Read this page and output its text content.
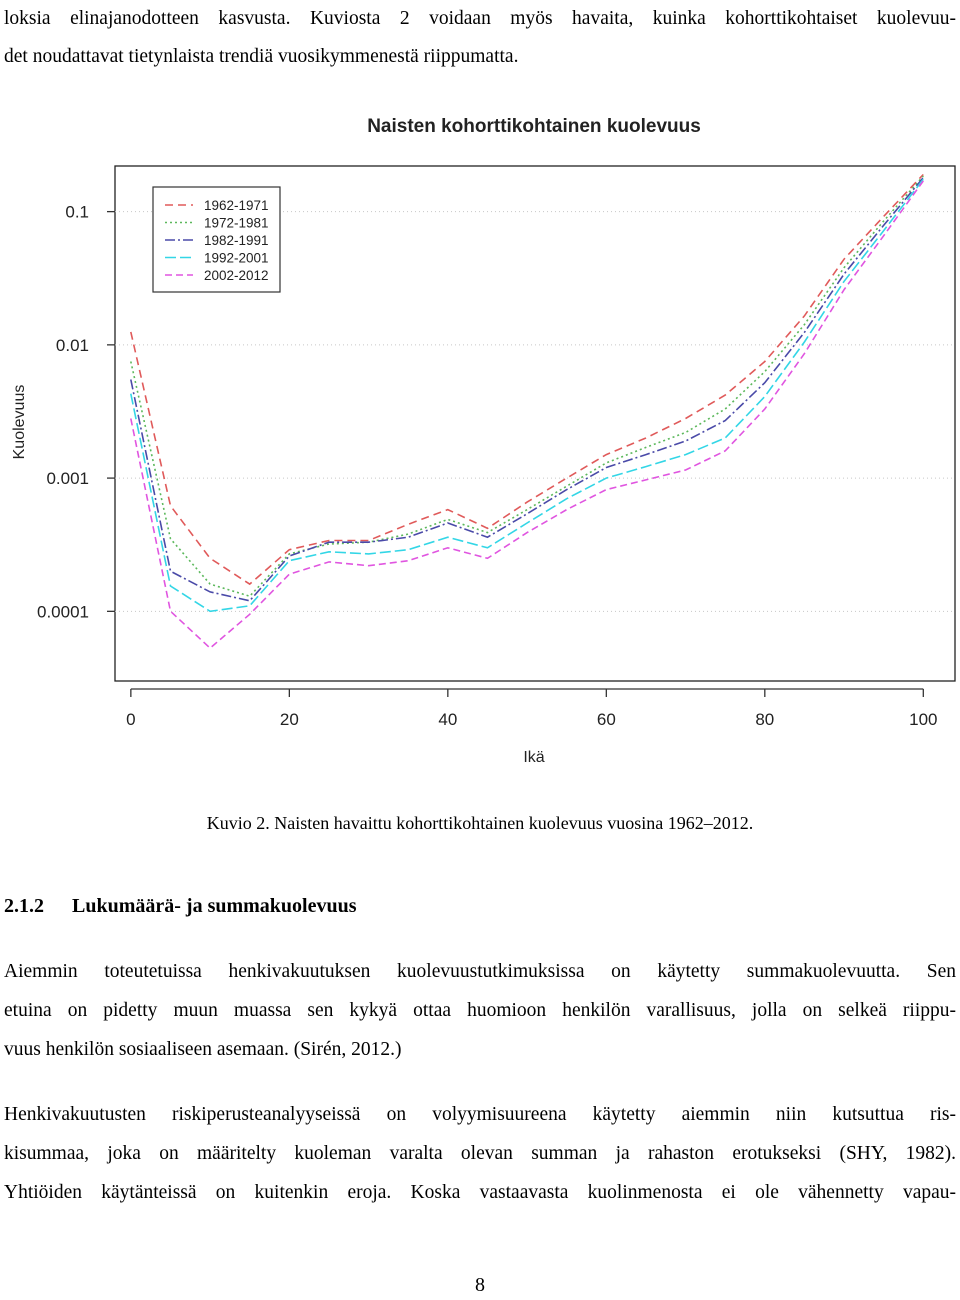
loksia elinajanodotteen kasvusta. Kuviosta 2 voidaan myös havaita, kuinka kohorttikohtaiset kuolevuu-
det noudattavat tietynlaista trendiä vuosikymmenestä riippumatta.

Naisten kohorttikohtainen kuolevuus
0.0001
0.001
0.01
0.1
0	20	40	60	80	100
Kuolevuus
Ikä
1962-1971
1972-1981
1982-1991
1992-2001
2002-2012
Kuvio 2. Naisten havaittu kohorttikohtainen kuolevuus vuosina 1962–2012.
2.1.2 Lukumäärä- ja summakuolevuus

Aiemmin toteutetuissa henkivakuutuksen kuolevuustutkimuksissa on käytetty summakuolevuutta. Sen
etuina on pidetty muun muassa sen kykyä ottaa huomioon henkilön varallisuus, jolla on selkeä riippu-
vuus henkilön sosiaaliseen asemaan. (Sirén, 2012.)

Henkivakuutusten riskiperusteanalyyseissä on volyymisuureena käytetty aiemmin niin kutsuttua ris-
kisummaa, joka on määritelty kuoleman varalta olevan summan ja rahaston erotukseksi (SHY, 1982).
Yhtiöiden käytänteissä on kuitenkin eroja. Koska vastaavasta kuolinmenosta ei ole vähennetty vapau-

8
